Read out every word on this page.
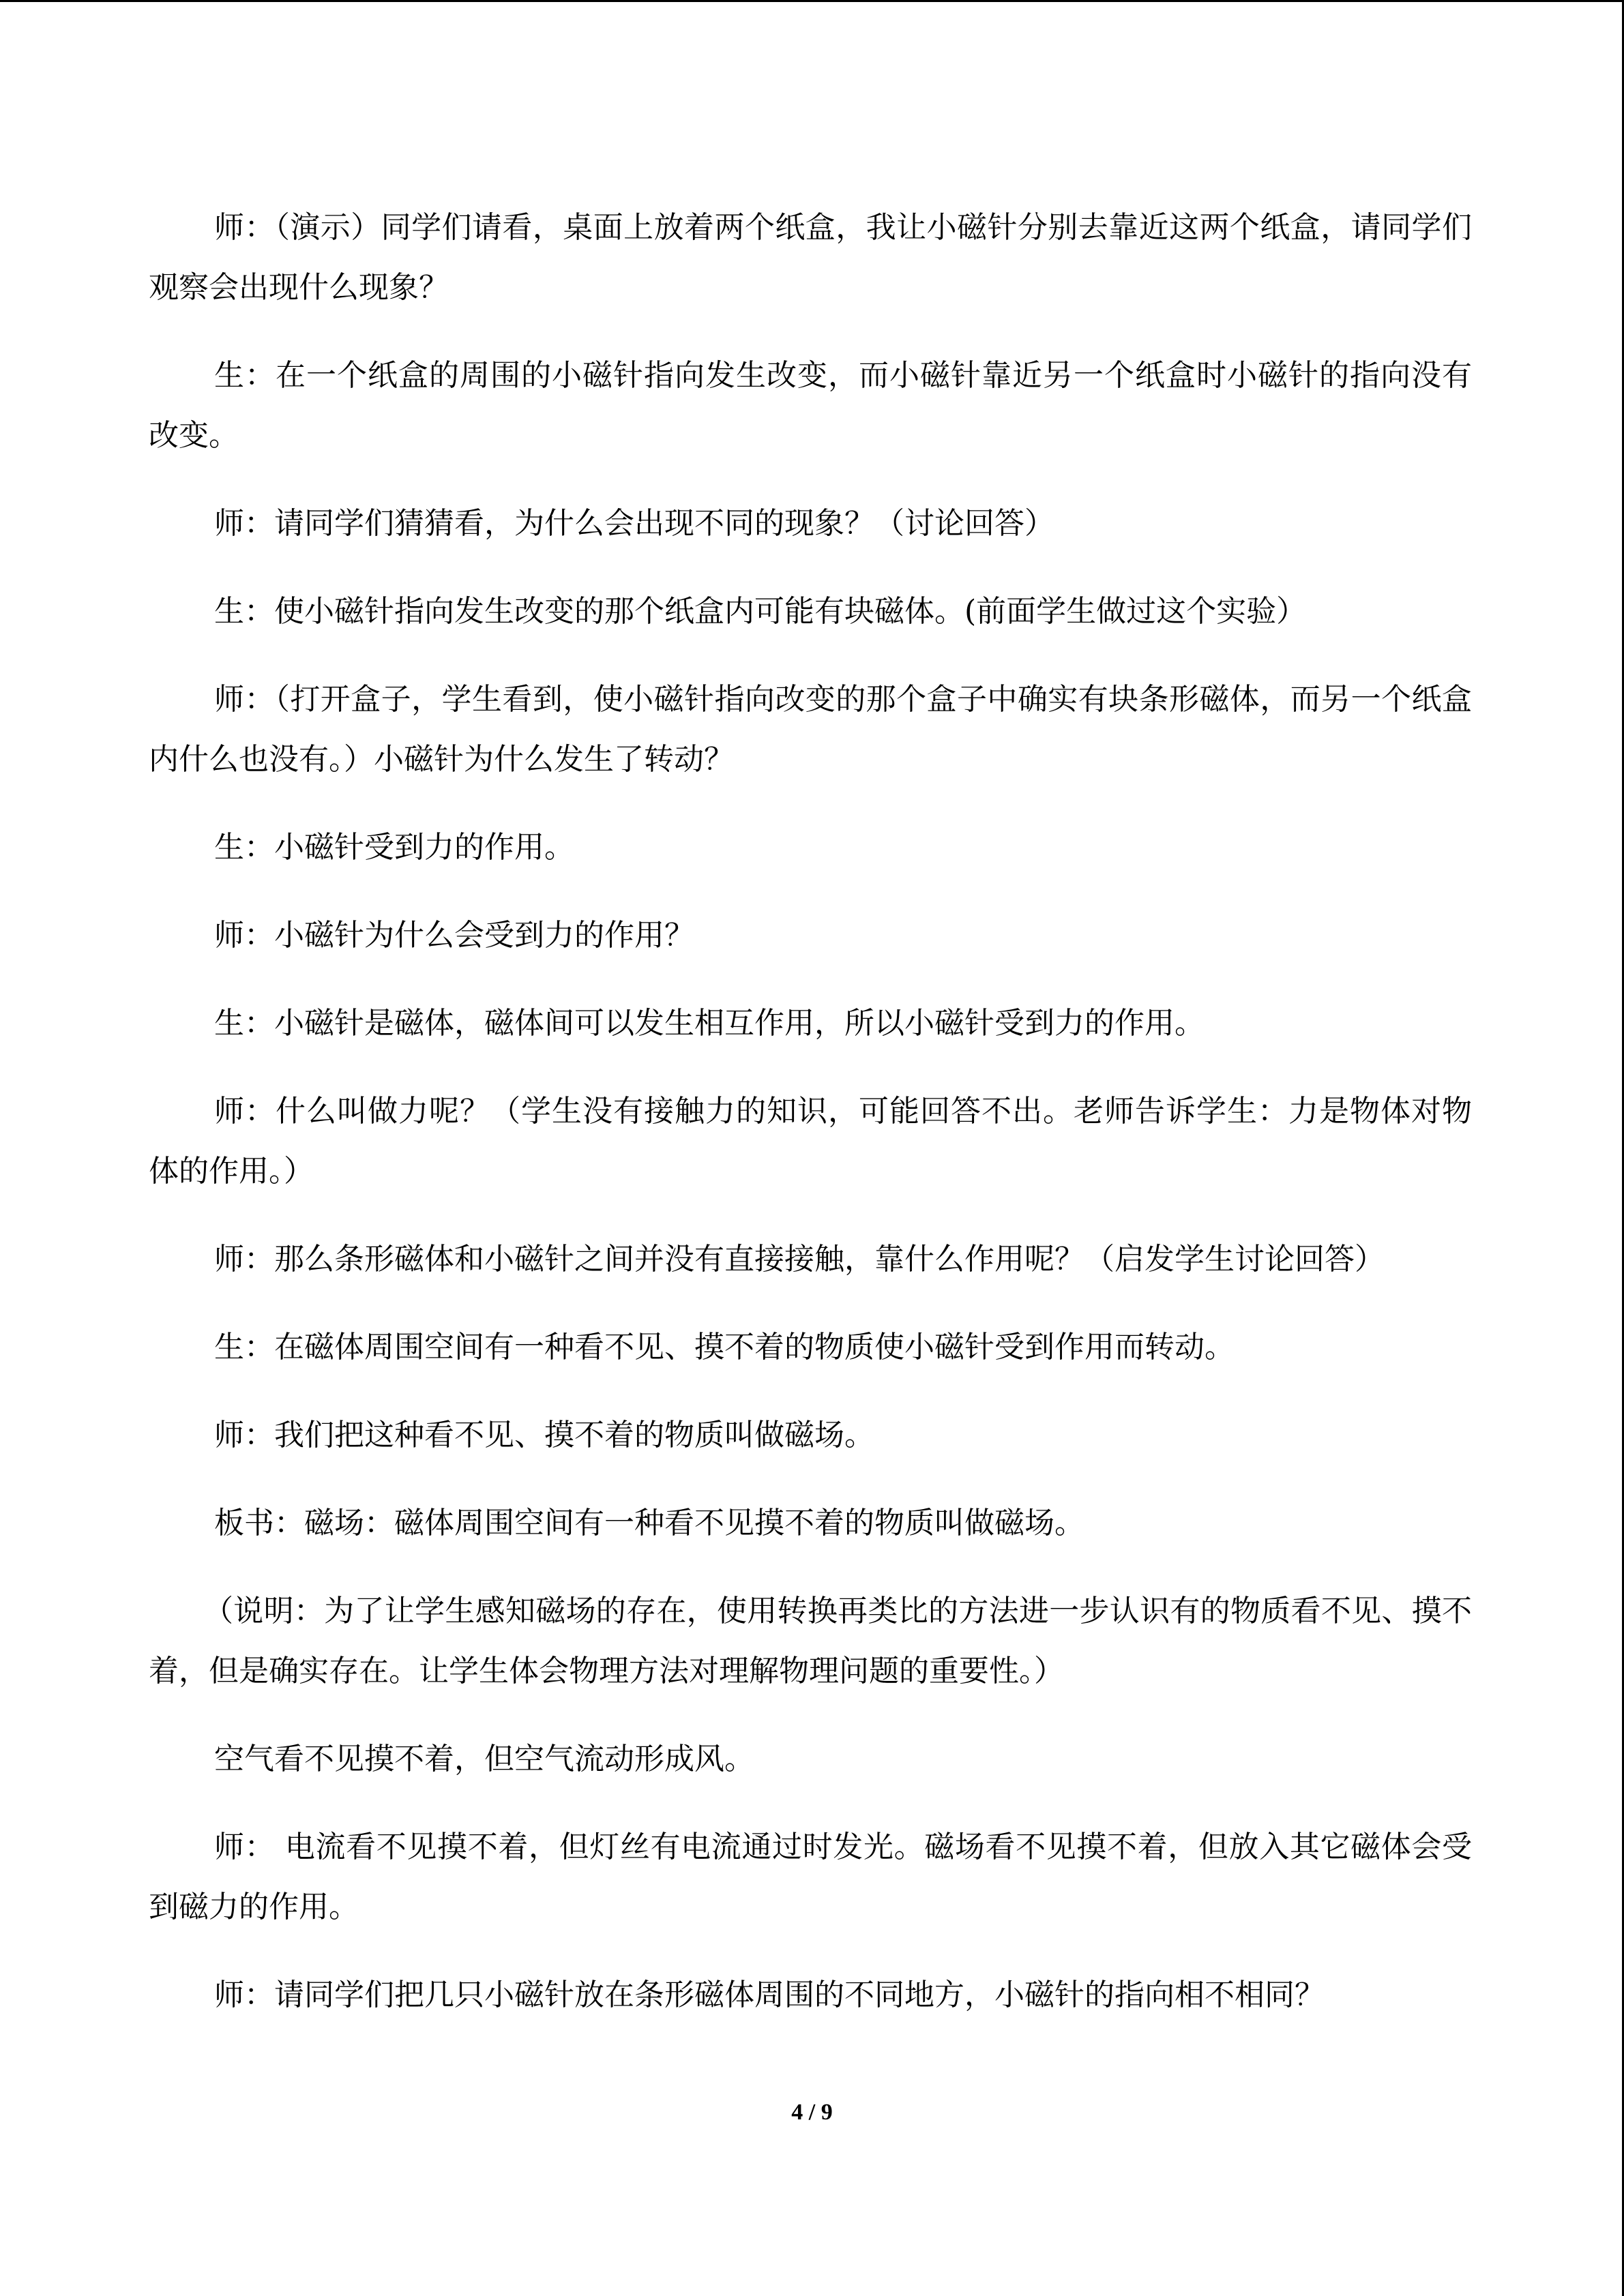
师：（演示）同学们请看，桌面上放着两个纸盒，我让小磁针分别去靠近这两个纸盒，请同学们观察会出现什么现象？

生：在一个纸盒的周围的小磁针指向发生改变，而小磁针靠近另一个纸盒时小磁针的指向没有改变。

师：请同学们猜猜看，为什么会出现不同的现象？（讨论回答）

生：使小磁针指向发生改变的那个纸盒内可能有块磁体。(前面学生做过这个实验）

师：（打开盒子，学生看到，使小磁针指向改变的那个盒子中确实有块条形磁体，而另一个纸盒内什么也没有。）小磁针为什么发生了转动？

生：小磁针受到力的作用。

师：小磁针为什么会受到力的作用？

生：小磁针是磁体，磁体间可以发生相互作用，所以小磁针受到力的作用。

师：什么叫做力呢？（学生没有接触力的知识，可能回答不出。老师告诉学生：力是物体对物体的作用。）

师：那么条形磁体和小磁针之间并没有直接接触，靠什么作用呢？（启发学生讨论回答）

生：在磁体周围空间有一种看不见、摸不着的物质使小磁针受到作用而转动。

师：我们把这种看不见、摸不着的物质叫做磁场。

板书：磁场：磁体周围空间有一种看不见摸不着的物质叫做磁场。

（说明：为了让学生感知磁场的存在，使用转换再类比的方法进一步认识有的物质看不见、摸不着，但是确实存在。让学生体会物理方法对理解物理问题的重要性。）

空气看不见摸不着，但空气流动形成风。

师： 电流看不见摸不着，但灯丝有电流通过时发光。磁场看不见摸不着，但放入其它磁体会受到磁力的作用。

师：请同学们把几只小磁针放在条形磁体周围的不同地方，小磁针的指向相不相同？

4 / 9
